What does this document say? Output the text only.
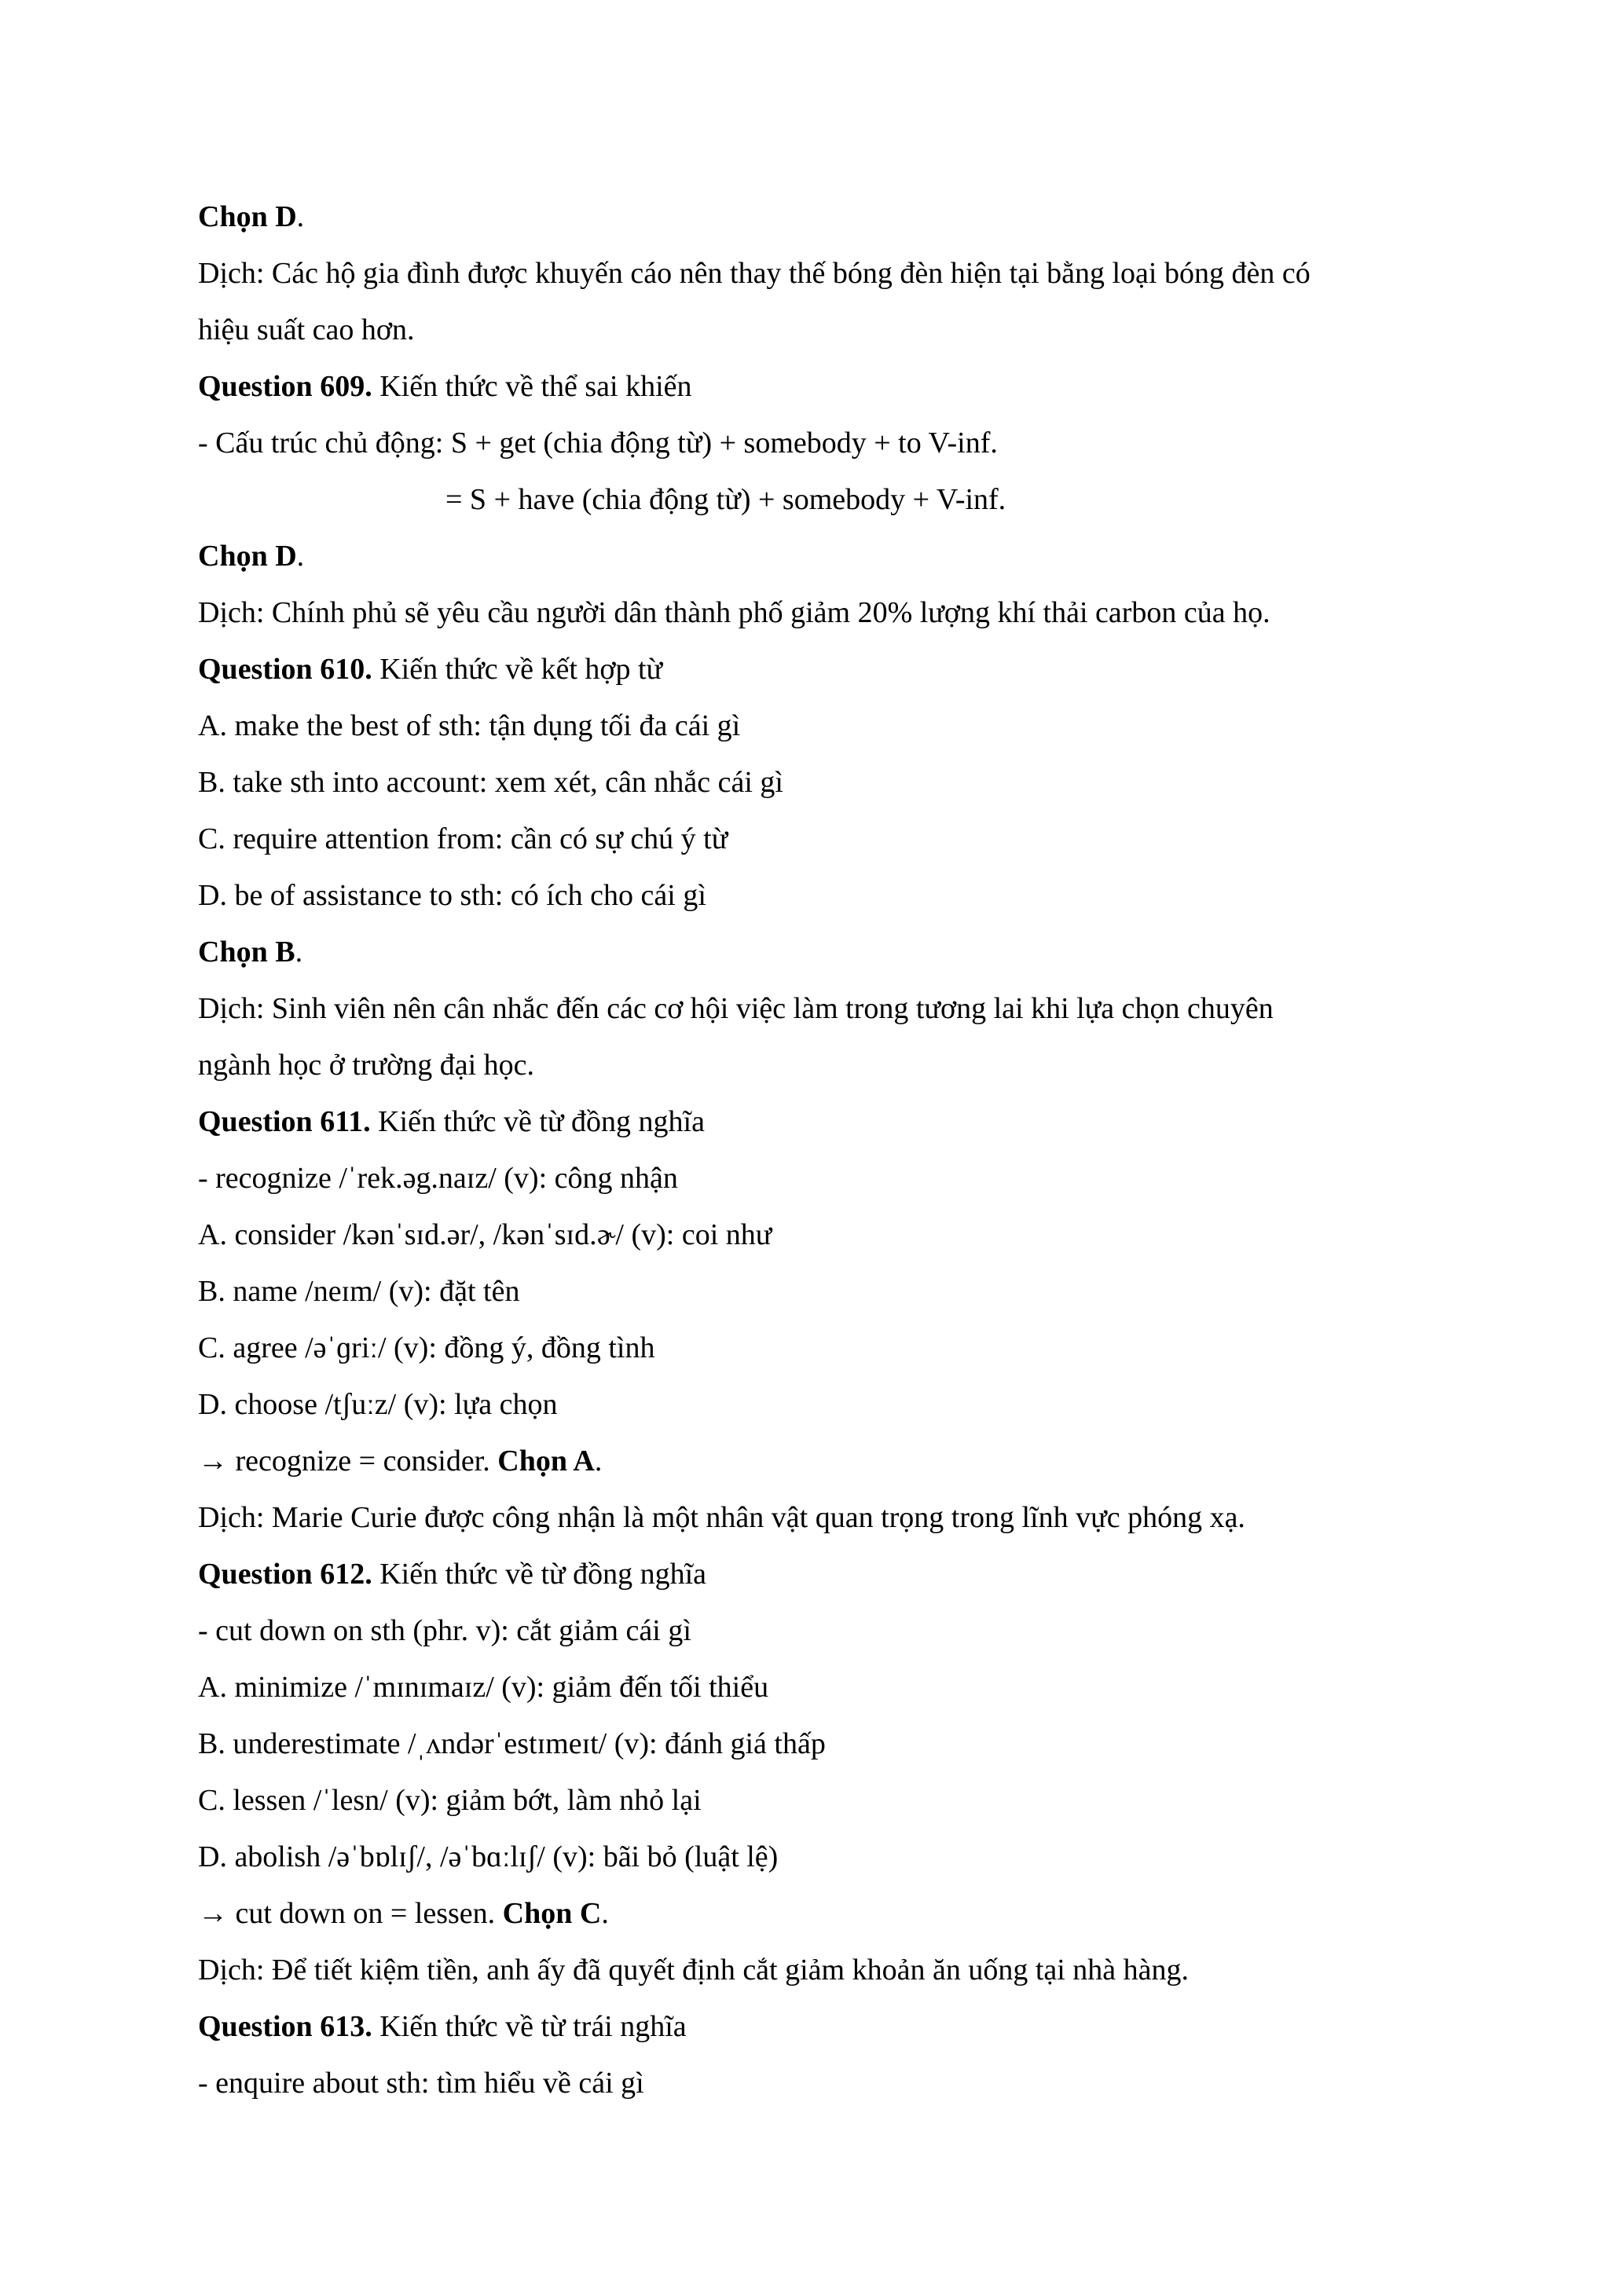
Chọn D.
Dịch: Các hộ gia đình được khuyến cáo nên thay thế bóng đèn hiện tại bằng loại bóng đèn có
hiệu suất cao hơn.
Question 609. Kiến thức về thể sai khiến
- Cấu trúc chủ động: S + get (chia động từ) + somebody + to V-inf.
= S + have (chia động từ) + somebody + V-inf.
Chọn D.
Dịch: Chính phủ sẽ yêu cầu người dân thành phố giảm 20% lượng khí thải carbon của họ.
Question 610. Kiến thức về kết hợp từ
A. make the best of sth: tận dụng tối đa cái gì
B. take sth into account: xem xét, cân nhắc cái gì
C. require attention from: cần có sự chú ý từ
D. be of assistance to sth: có ích cho cái gì
Chọn B.
Dịch: Sinh viên nên cân nhắc đến các cơ hội việc làm trong tương lai khi lựa chọn chuyên
ngành học ở trường đại học.
Question 611. Kiến thức về từ đồng nghĩa
- recognize /ˈrek.əg.naɪz/ (v): công nhận
A. consider /kənˈsɪd.ər/, /kənˈsɪd.ɚ/ (v): coi như
B. name /neɪm/ (v): đặt tên
C. agree /əˈɡriː/ (v): đồng ý, đồng tình
D. choose /tʃuːz/ (v): lựa chọn
→ recognize = consider. Chọn A.
Dịch: Marie Curie được công nhận là một nhân vật quan trọng trong lĩnh vực phóng xạ.
Question 612. Kiến thức về từ đồng nghĩa
- cut down on sth (phr. v): cắt giảm cái gì
A. minimize /ˈmɪnɪmaɪz/ (v): giảm đến tối thiểu
B. underestimate /ˌʌndərˈestɪmeɪt/ (v): đánh giá thấp
C. lessen /ˈlesn/ (v): giảm bớt, làm nhỏ lại
D. abolish /əˈbɒlɪʃ/, /əˈbɑːlɪʃ/ (v): bãi bỏ (luật lệ)
→ cut down on = lessen. Chọn C.
Dịch: Để tiết kiệm tiền, anh ấy đã quyết định cắt giảm khoản ăn uống tại nhà hàng.
Question 613. Kiến thức về từ trái nghĩa
- enquire about sth: tìm hiểu về cái gì
